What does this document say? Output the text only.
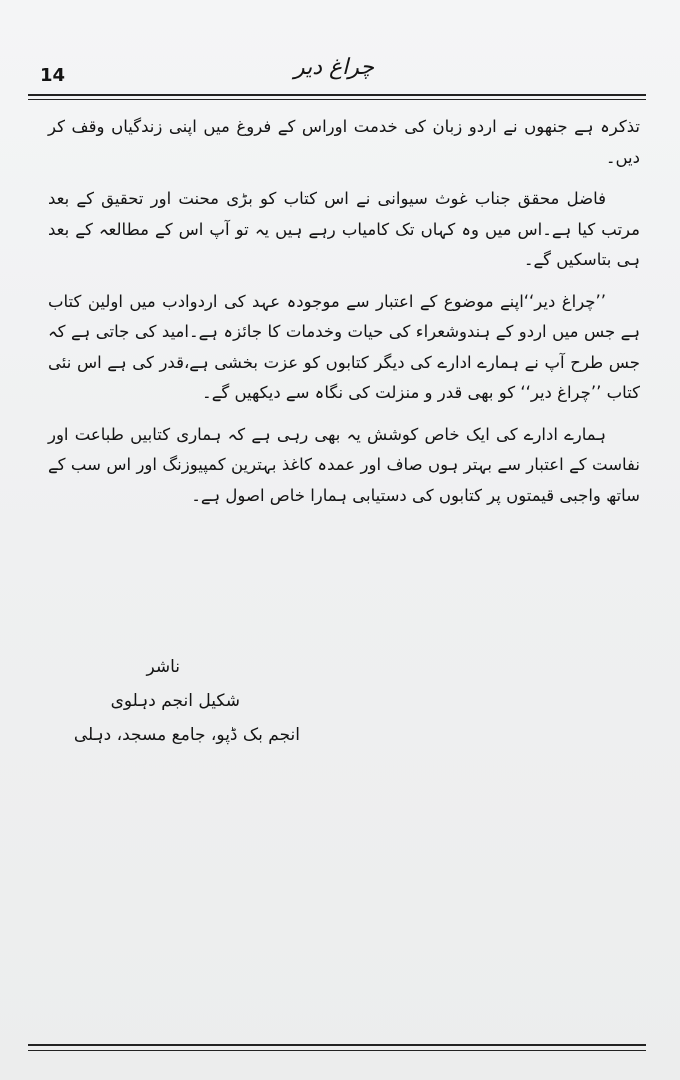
14	چراغ دیر

تذکرہ ہے جنھوں نے اردو زبان کی خدمت اوراس کے فروغ میں اپنی زندگیاں وقف کر دیں۔

فاضل محقق جناب غوث سیوانی نے اس کتاب کو بڑی محنت اور تحقیق کے بعد مرتب کیا ہے۔اس میں وہ کہاں تک کامیاب رہے ہیں یہ تو آپ اس کے مطالعہ کے بعد ہی بتاسکیں گے۔

’’چراغ دیر‘‘اپنے موضوع کے اعتبار سے موجودہ عہد کی اردوادب میں اولین کتاب ہے جس میں اردو کے ہندوشعراء کی حیات وخدمات کا جائزہ ہے۔امید کی جاتی ہے کہ جس طرح آپ نے ہمارے ادارے کی دیگر کتابوں کو عزت بخشی ہے،قدر کی ہے اس نئی کتاب ’’چراغ دیر‘‘ کو بھی قدر و منزلت کی نگاہ سے دیکھیں گے۔

ہمارے ادارے کی ایک خاص کوشش یہ بھی رہی ہے کہ ہماری کتابیں طباعت اور نفاست کے اعتبار سے بہتر ہوں صاف اور عمدہ کاغذ بہترین کمپیوزنگ اور اس سب کے ساتھ واجبی قیمتوں پر کتابوں کی دستیابی ہمارا خاص اصول ہے۔

ناشر
شکیل انجم دہلوی
انجم بک ڈپو، جامع مسجد، دہلی
